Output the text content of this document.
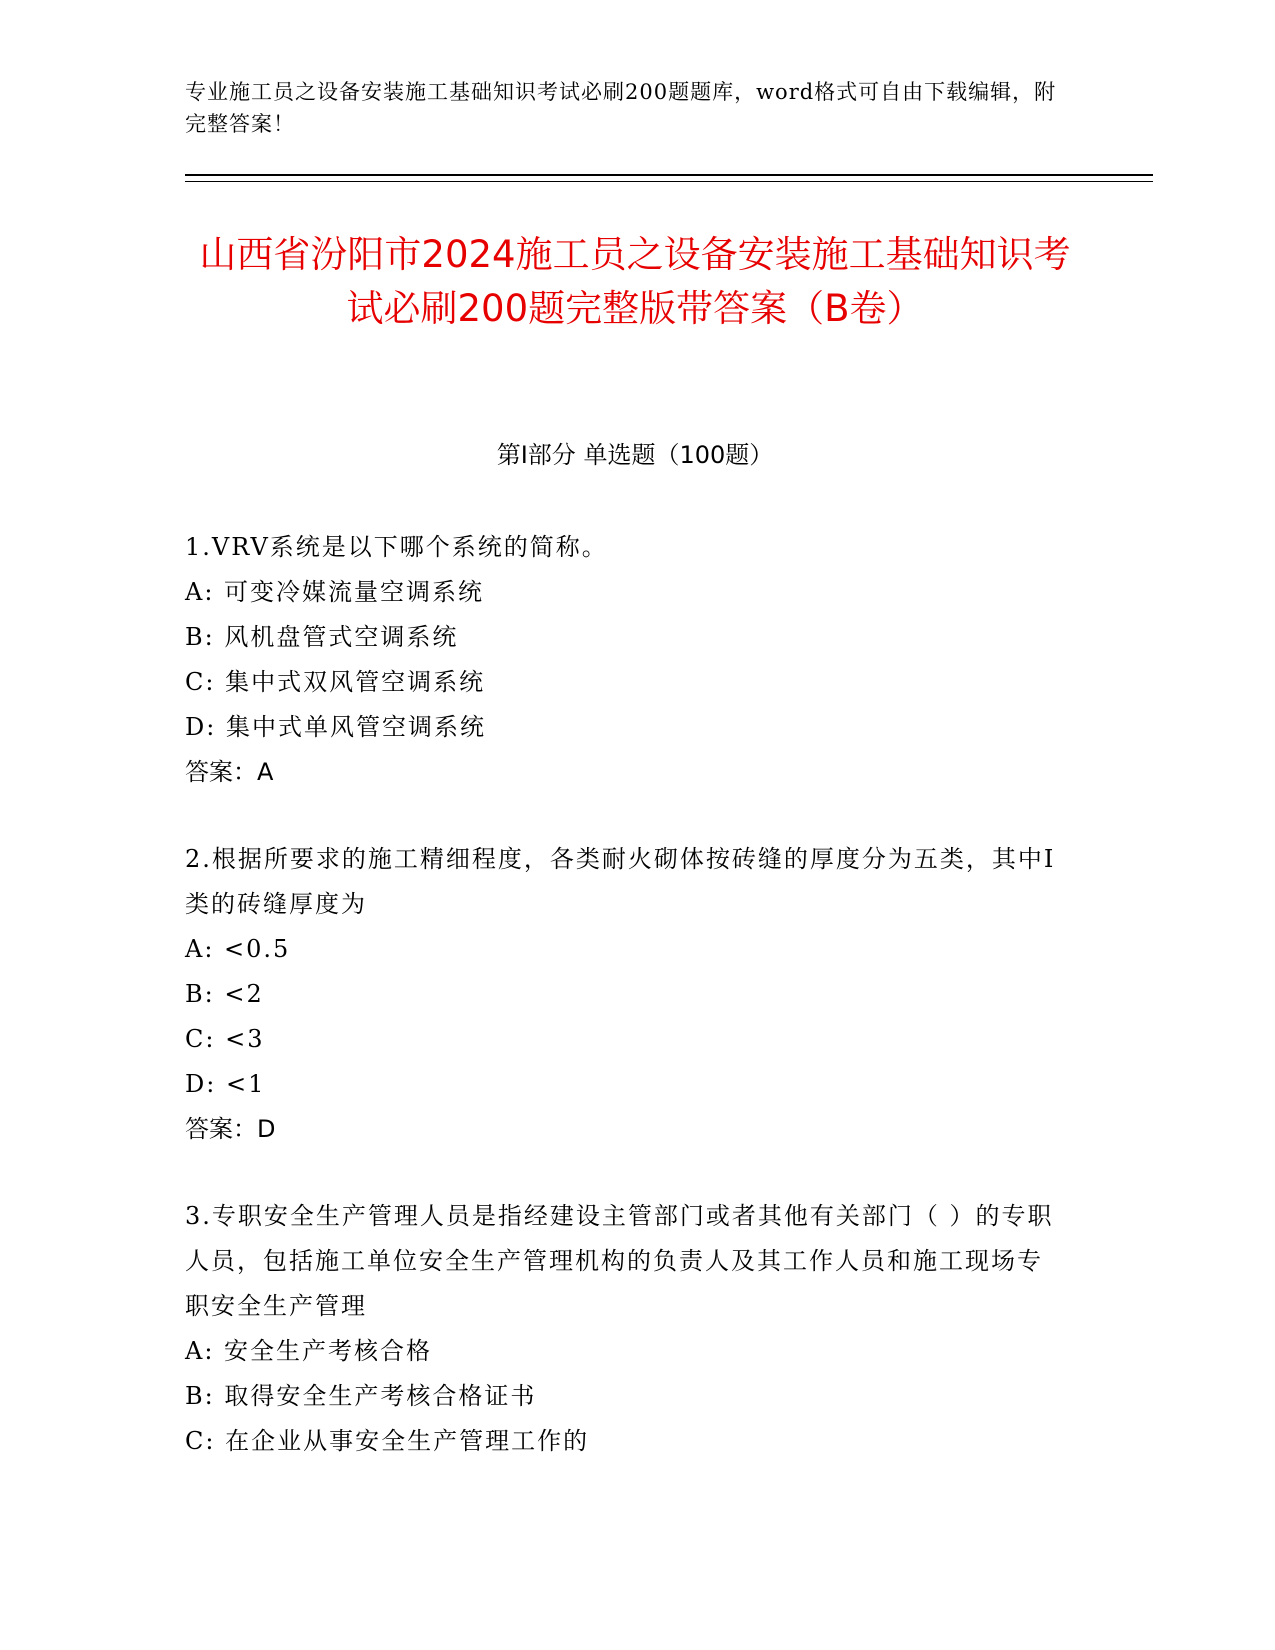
专业施工员之设备安装施工基础知识考试必刷200题题库，word格式可自由下载编辑，附完整答案！
山西省汾阳市2024施工员之设备安装施工基础知识考试必刷200题完整版带答案（B卷）
第I部分 单选题（100题）

1.VRV系统是以下哪个系统的简称。

A: 可变冷媒流量空调系统

B: 风机盘管式空调系统

C: 集中式双风管空调系统

D: 集中式单风管空调系统

答案：A

2.根据所要求的施工精细程度，各类耐火砌体按砖缝的厚度分为五类，其中Ⅰ类的砖缝厚度为

A: <0.5

B: <2

C: <3

D: <1

答案：D

3.专职安全生产管理人员是指经建设主管部门或者其他有关部门（ ）的专职人员，包括施工单位安全生产管理机构的负责人及其工作人员和施工现场专职安全生产管理

A: 安全生产考核合格

B: 取得安全生产考核合格证书

C: 在企业从事安全生产管理工作的
